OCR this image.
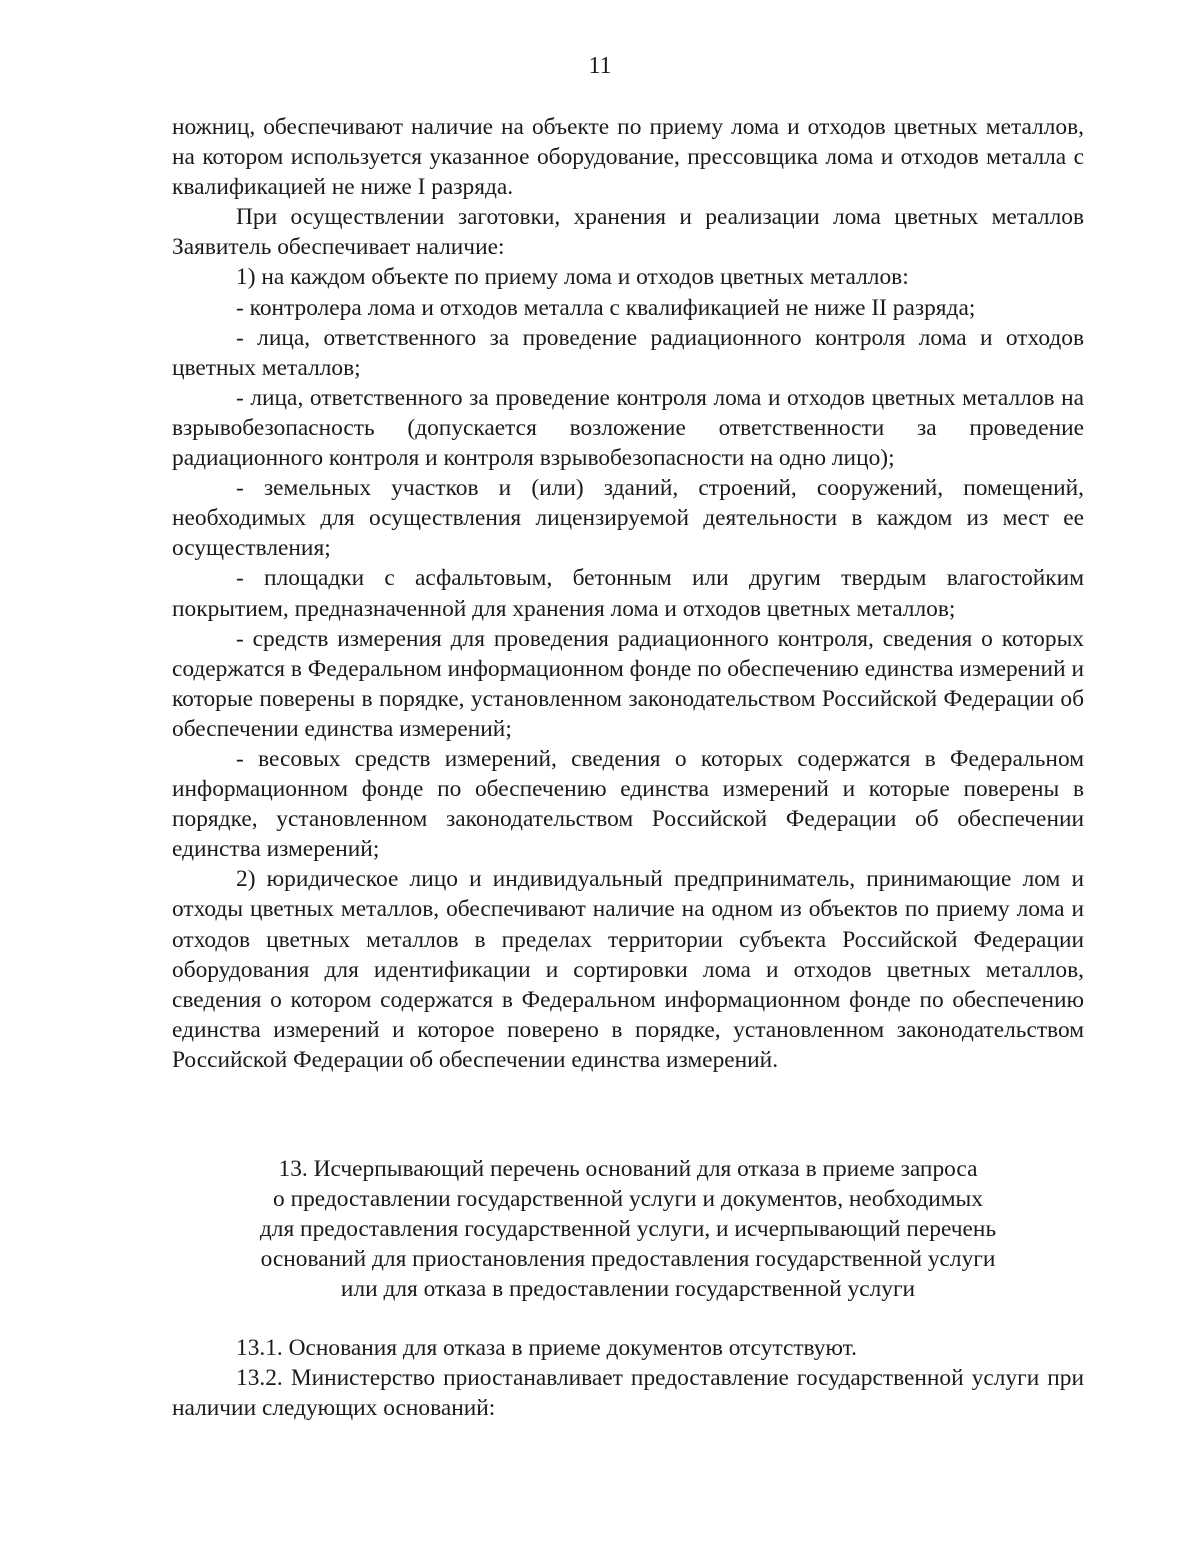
11

ножниц, обеспечивают наличие на объекте по приему лома и отходов цветных металлов, на котором используется указанное оборудование, прессовщика лома и отходов металла с квалификацией не ниже I разряда.

При осуществлении заготовки, хранения и реализации лома цветных металлов Заявитель обеспечивает наличие:

1) на каждом объекте по приему лома и отходов цветных металлов:

- контролера лома и отходов металла с квалификацией не ниже II разряда;

- лица, ответственного за проведение радиационного контроля лома и отходов цветных металлов;

- лица, ответственного за проведение контроля лома и отходов цветных металлов на взрывобезопасность (допускается возложение ответственности за проведение радиационного контроля и контроля взрывобезопасности на одно лицо);

- земельных участков и (или) зданий, строений, сооружений, помещений, необходимых для осуществления лицензируемой деятельности в каждом из мест ее осуществления;

- площадки с асфальтовым, бетонным или другим твердым влагостойким покрытием, предназначенной для хранения лома и отходов цветных металлов;

- средств измерения для проведения радиационного контроля, сведения о которых содержатся в Федеральном информационном фонде по обеспечению единства измерений и которые поверены в порядке, установленном законодательством Российской Федерации об обеспечении единства измерений;

- весовых средств измерений, сведения о которых содержатся в Федеральном информационном фонде по обеспечению единства измерений и которые поверены в порядке, установленном законодательством Российской Федерации об обеспечении единства измерений;

2) юридическое лицо и индивидуальный предприниматель, принимающие лом и отходы цветных металлов, обеспечивают наличие на одном из объектов по приему лома и отходов цветных металлов в пределах территории субъекта Российской Федерации оборудования для идентификации и сортировки лома и отходов цветных металлов, сведения о котором содержатся в Федеральном информационном фонде по обеспечению единства измерений и которое поверено в порядке, установленном законодательством Российской Федерации об обеспечении единства измерений.

13. Исчерпывающий перечень оснований для отказа в приеме запроса
о предоставлении государственной услуги и документов, необходимых
для предоставления государственной услуги, и исчерпывающий перечень
оснований для приостановления предоставления государственной услуги
или для отказа в предоставлении государственной услуги

13.1. Основания для отказа в приеме документов отсутствуют.

13.2. Министерство приостанавливает предоставление государственной услуги при наличии следующих оснований:
